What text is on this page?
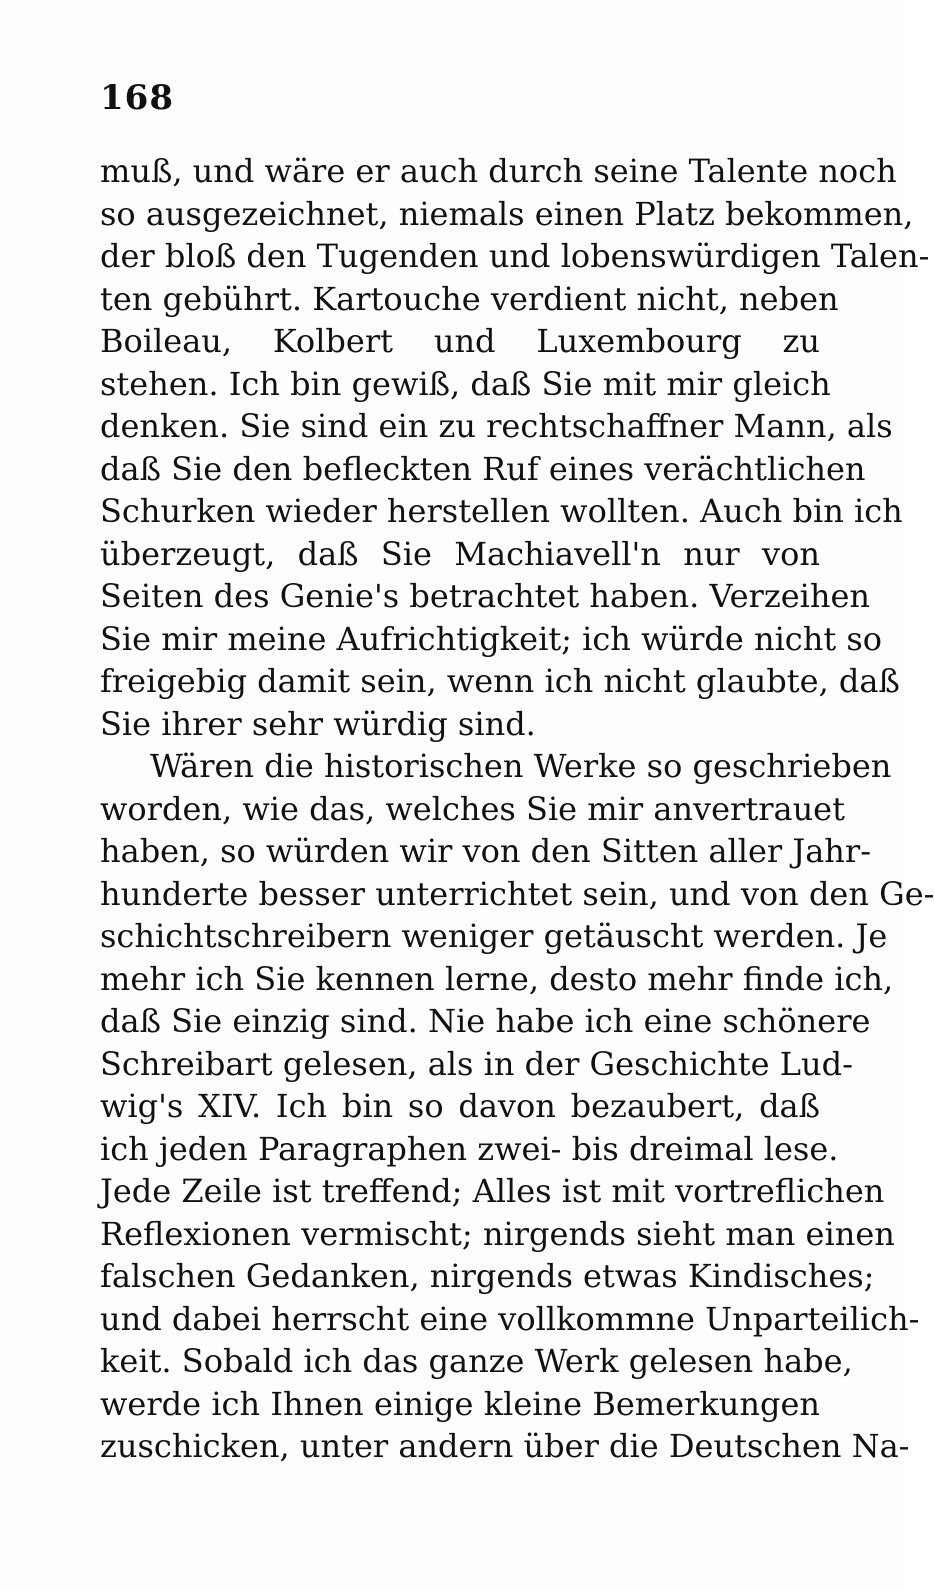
168
muß, und wäre er auch durch seine Talente noch
so ausgezeichnet, niemals einen Platz bekommen,
der bloß den Tugenden und lobenswürdigen Talen-
ten gebührt. Kartouche verdient nicht, neben
Boileau, Kolbert und Luxembourg zu
stehen. Ich bin gewiß, daß Sie mit mir gleich
denken. Sie sind ein zu rechtschaffner Mann, als
daß Sie den befleckten Ruf eines verächtlichen
Schurken wieder herstellen wollten. Auch bin ich
überzeugt, daß Sie Machiavell'n nur von
Seiten des Genie's betrachtet haben. Verzeihen
Sie mir meine Aufrichtigkeit; ich würde nicht so
freigebig damit sein, wenn ich nicht glaubte, daß
Sie ihrer sehr würdig sind.
Wären die historischen Werke so geschrieben
worden, wie das, welches Sie mir anvertrauet
haben, so würden wir von den Sitten aller Jahr-
hunderte besser unterrichtet sein, und von den Ge-
schichtschreibern weniger getäuscht werden. Je
mehr ich Sie kennen lerne, desto mehr finde ich,
daß Sie einzig sind. Nie habe ich eine schönere
Schreibart gelesen, als in der Geschichte Lud-
wig's XIV. Ich bin so davon bezaubert, daß
ich jeden Paragraphen zwei- bis dreimal lese.
Jede Zeile ist treffend; Alles ist mit vortreflichen
Reflexionen vermischt; nirgends sieht man einen
falschen Gedanken, nirgends etwas Kindisches;
und dabei herrscht eine vollkommne Unparteilich-
keit. Sobald ich das ganze Werk gelesen habe,
werde ich Ihnen einige kleine Bemerkungen
zuschicken, unter andern über die Deutschen Na-
